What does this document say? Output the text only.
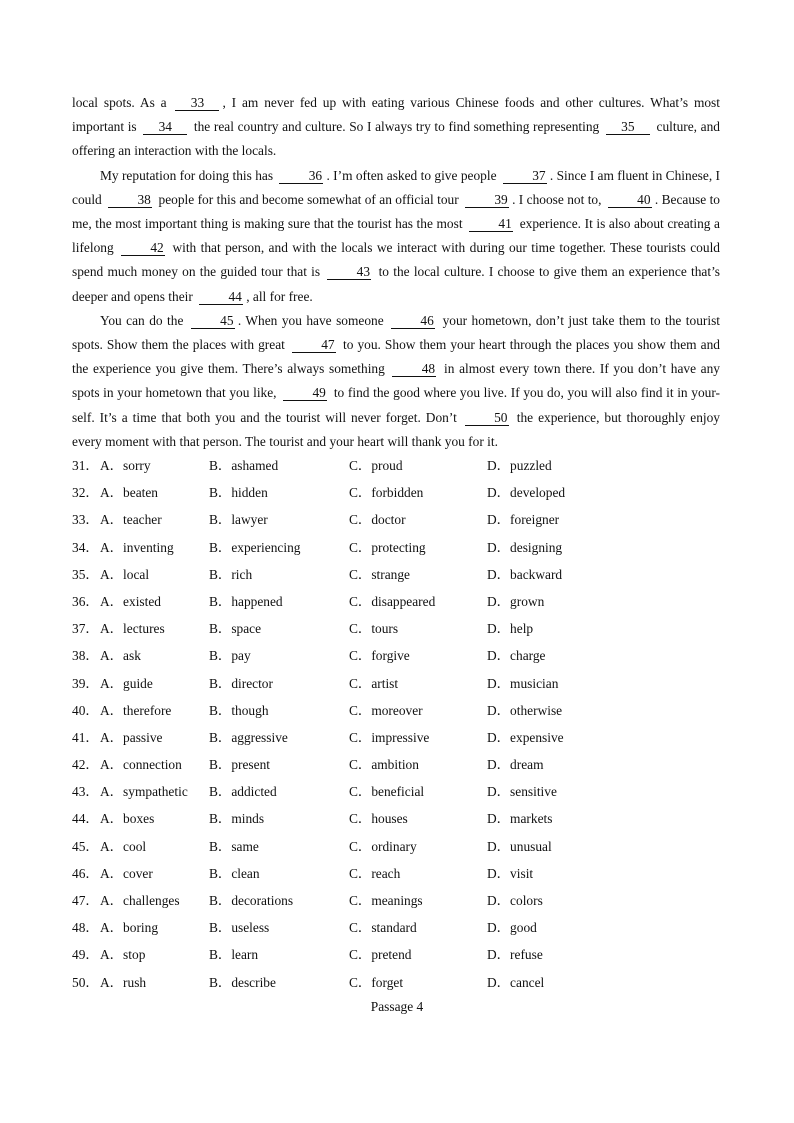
local spots. As a 33 , I am never fed up with eating various Chinese foods and other cultures. What’s most important is 34 the real country and culture. So I always try to find something representing 35 culture, and offering an interaction with the locals.

My reputation for doing this has 36 . I’m often asked to give people 37 . Since I am fluent in Chinese, I could 38 people for this and become somewhat of an official tour 39 . I choose not to, 40 . Because to me, the most important thing is making sure that the tourist has the most 41 experience. It is also about creating a lifelong 42 with that person, and with the locals we interact with during our time together. These tourists could spend much money on the guided tour that is 43 to the local culture. I choose to give them an experience that’s deeper and opens their 44 , all for free.

You can do the 45 . When you have someone 46 your hometown, don’t just take them to the tourist spots. Show them the places with great 47 to you. Show them your heart through the places you show them and the experience you give them. There’s always something 48 in almost every town there. If you don’t have any spots in your hometown that you like, 49 to find the good where you live. If you do, you will also find it in your- self. It’s a time that both you and the tourist will never forget. Don’t 50 the experience, but thoroughly enjoy every moment with that person. The tourist and your heart will thank you for it.

31． A．sorry	B．ashamed	C．proud	D．puzzled
32． A．beaten	B．hidden	C．forbidden	D．developed
33． A．teacher	B．lawyer	C．doctor	D．foreigner
34． A．inventing	B．experiencing	C．protecting	D．designing
35． A．local	B．rich	C．strange	D．backward
36． A．existed	B．happened	C．disappeared	D．grown
37． A．lectures	B．space	C．tours	D．help
38． A．ask	B．pay	C．forgive	D．charge
39． A．guide	B．director	C．artist	D．musician
40． A．therefore	B．though	C．moreover	D．otherwise
41． A．passive	B．aggressive	C．impressive	D．expensive
42． A．connection B．present	C．ambition	D．dream
43． A．sympathetic B．addicted	C．beneficial	D．sensitive
44． A．boxes	B．minds	C．houses	D．markets
45． A．cool	B．same	C．ordinary	D．unusual
46． A．cover	B．clean	C．reach	D．visit
47． A．challenges B．decorations	C．meanings	D．colors
48． A．boring	B．useless	C．standard	D．good
49． A．stop	B．learn	C．pretend	D．refuse
50． A．rush	B．describe	C．forget	D．cancel
Passage 4
